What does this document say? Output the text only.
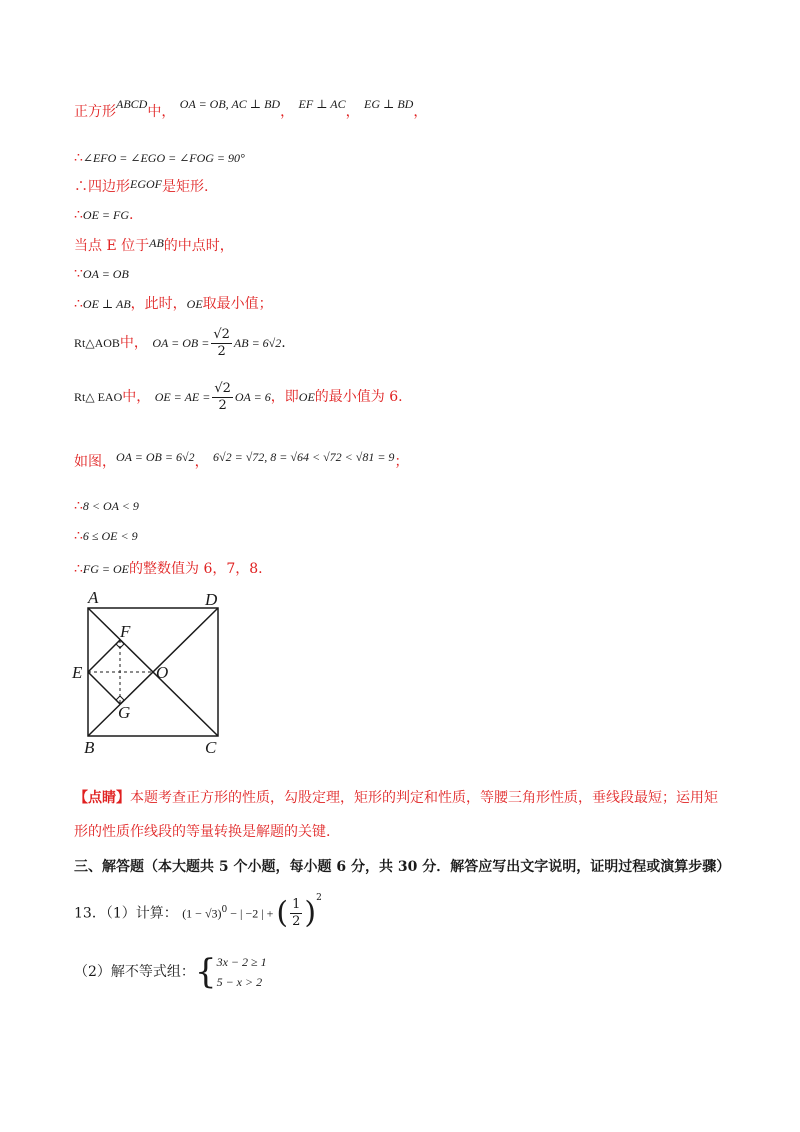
正方形ABCD中， OA = OB, AC ⊥ BD， EF ⊥ AC， EG ⊥ BD，
∴∠EFO = ∠EGO = ∠FOG = 90°
∴四边形EGOF是矩形.
∴OE = FG.
当点 E 位于AB的中点时，
∵OA = OB
∴OE ⊥ AB，此时，OE取最小值；
Rt△AOB中， OA = OB = $\frac{√2}{2}$ AB = 6√2.
Rt△ EAO中， OE = AE = $\frac{√2}{2}$ OA = 6，即OE的最小值为 6.
如图，OA = OB = 6√2， 6√2 = √72, 8 = √64 < √72 < √81 = 9；
∴8 < OA < 9
∴6 ≤ OE < 9
∴FG = OE的整数值为 6，7，8.
A	D
F
E	O
G
B	C
【点睛】本题考查正方形的性质，勾股定理，矩形的判定和性质，等腰三角形性质，垂线段最短；运用矩
形的性质作线段的等量转换是解题的关键.
三、解答题（本大题共 5 个小题，每小题 6 分，共 30 分．解答应写出文字说明，证明过程或演算步骤）
13．（1）计算： $(1 - √3)^0$ − | −2 | + ( $\frac{1}{2} )^2$
（2）解不等式组：{ 3x − 2 ≥ 1
5 − x > 2
